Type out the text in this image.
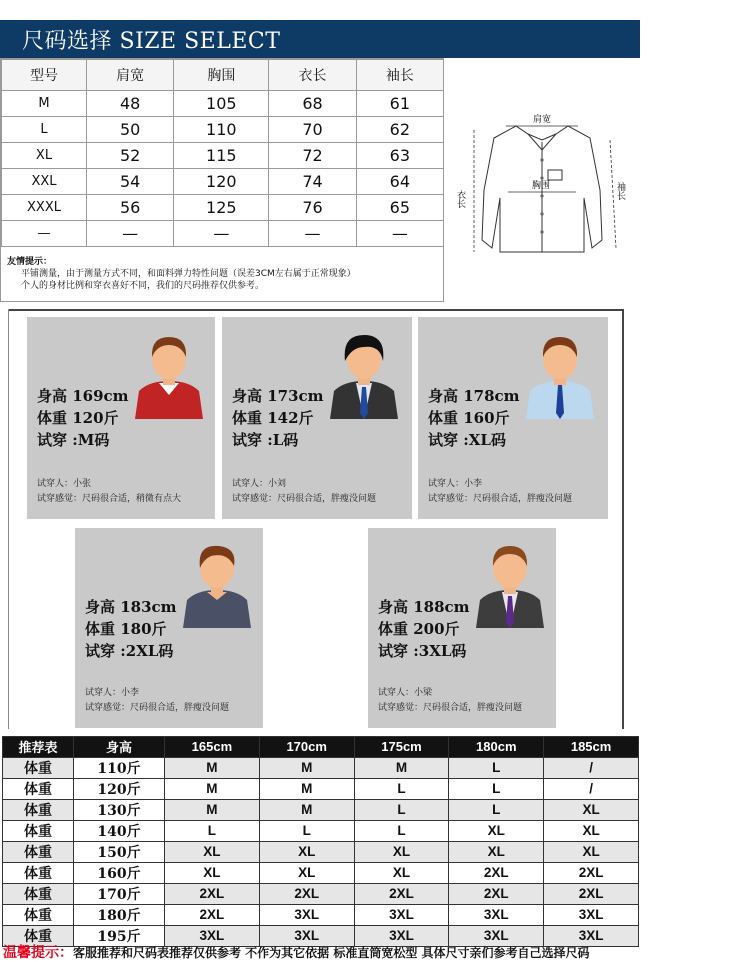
尺码选择 SIZE SELECT
型号	肩宽	胸围	衣长	袖长
M	48	105	68	61
L	50	110	70	62
XL	52	115	72	63
XXL	54	120	74	64
XXXL	56	125	76	65
—	—	—	—	—
友情提示：
平铺测量，由于测量方式不同，和面料弹力特性问题（误差3CM左右属于正常现象）
个人的身材比例和穿衣喜好不同，我们的尺码推荐仅供参考。
肩宽
胸围
衣长	袖长
身高 169cm
体重 120斤
试穿 :M码
试穿人：小张
试穿感觉：尺码很合适，稍微有点大
身高 173cm
体重 142斤
试穿 :L码
试穿人：小刘
试穿感觉：尺码很合适，胖瘦没问题
身高 178cm
体重 160斤
试穿 :XL码
试穿人：小李
试穿感觉：尺码很合适，胖瘦没问题
身高 183cm
体重 180斤
试穿 :2XL码
试穿人：小李
试穿感觉：尺码很合适，胖瘦没问题
身高 188cm
体重 200斤
试穿 :3XL码
试穿人：小梁
试穿感觉：尺码很合适，胖瘦没问题
推荐表	身高	165cm	170cm	175cm	180cm	185cm
体重	110斤	M	M	M	L	/
体重	120斤	M	M	L	L	/
体重	130斤	M	M	L	L	XL
体重	140斤	L	L	L	XL	XL
体重	150斤	XL	XL	XL	XL	XL
体重	160斤	XL	XL	XL	2XL	2XL
体重	170斤	2XL	2XL	2XL	2XL	2XL
体重	180斤	2XL	3XL	3XL	3XL	3XL
体重	195斤	3XL	3XL	3XL	3XL	3XL
温馨提示：客服推荐和尺码表推荐仅供参考 不作为其它依据 标准直筒宽松型 具体尺寸亲们参考自己选择尺码
